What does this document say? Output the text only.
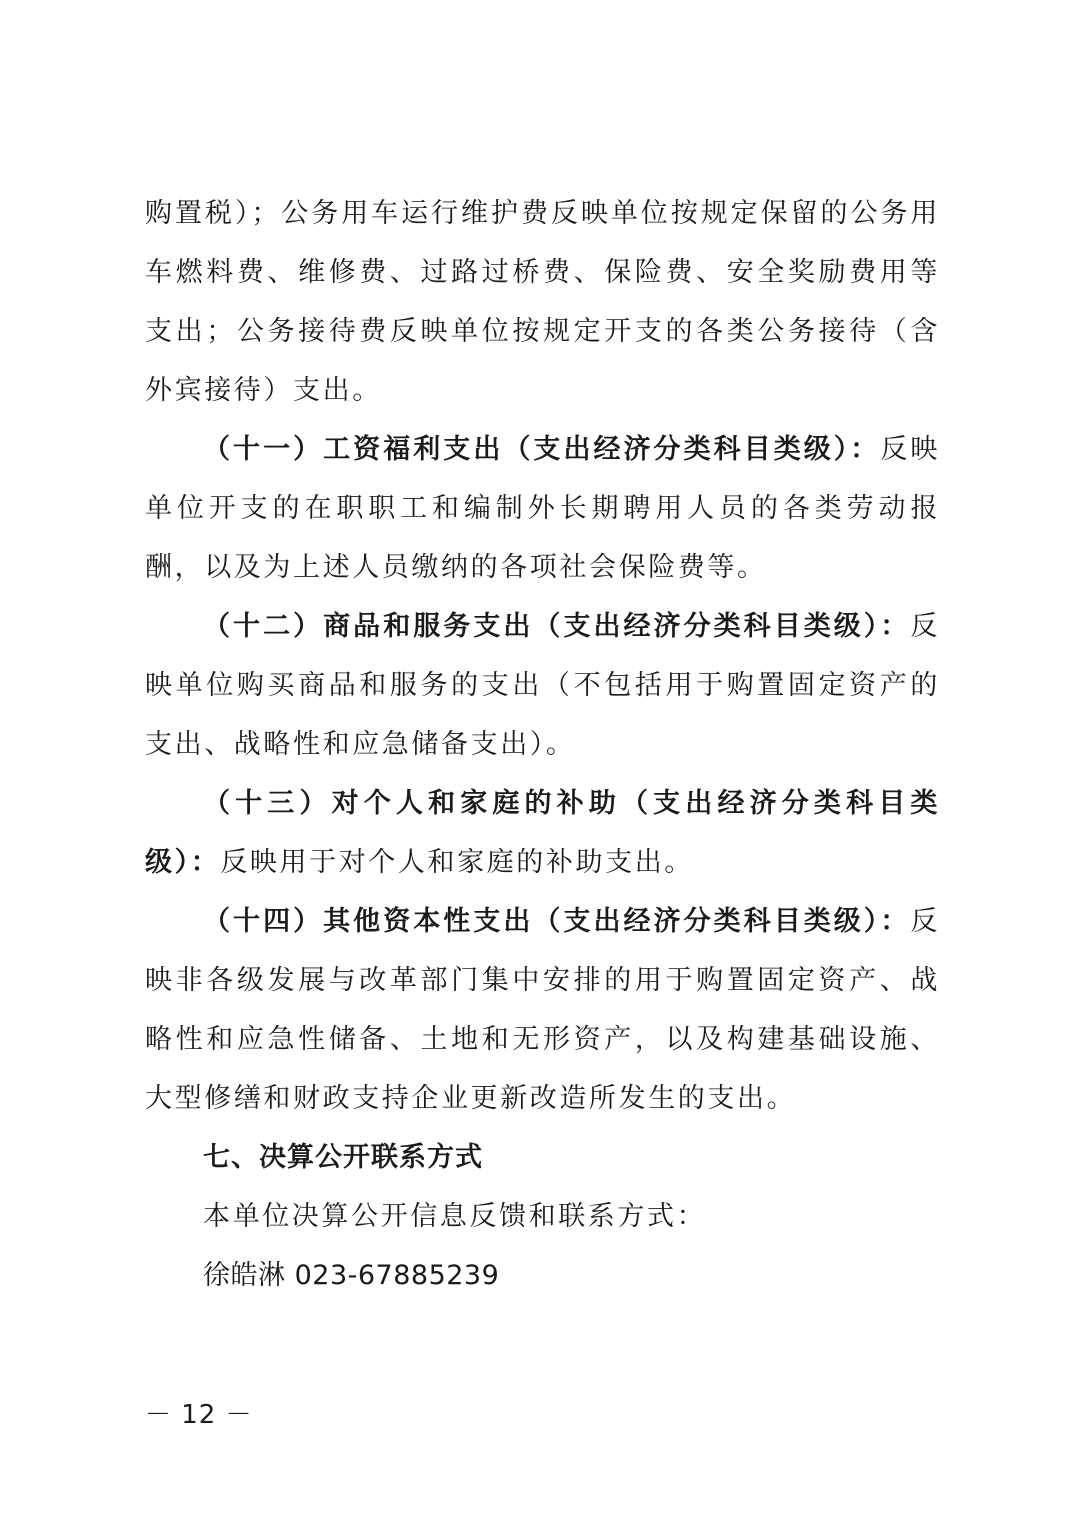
购置税）；公务用车运行维护费反映单位按规定保留的公务用车燃料费、维修费、过路过桥费、保险费、安全奖励费用等支出；公务接待费反映单位按规定开支的各类公务接待（含外宾接待）支出。

（十一）工资福利支出（支出经济分类科目类级）：反映单位开支的在职职工和编制外长期聘用人员的各类劳动报酬，以及为上述人员缴纳的各项社会保险费等。

（十二）商品和服务支出（支出经济分类科目类级）：反映单位购买商品和服务的支出（不包括用于购置固定资产的支出、战略性和应急储备支出）。

（十三）对个人和家庭的补助（支出经济分类科目类级）：反映用于对个人和家庭的补助支出。

（十四）其他资本性支出（支出经济分类科目类级）：反映非各级发展与改革部门集中安排的用于购置固定资产、战略性和应急性储备、土地和无形资产，以及构建基础设施、大型修缮和财政支持企业更新改造所发生的支出。

七、决算公开联系方式

本单位决算公开信息反馈和联系方式：

徐皓淋 023-67885239

－ 12 －
